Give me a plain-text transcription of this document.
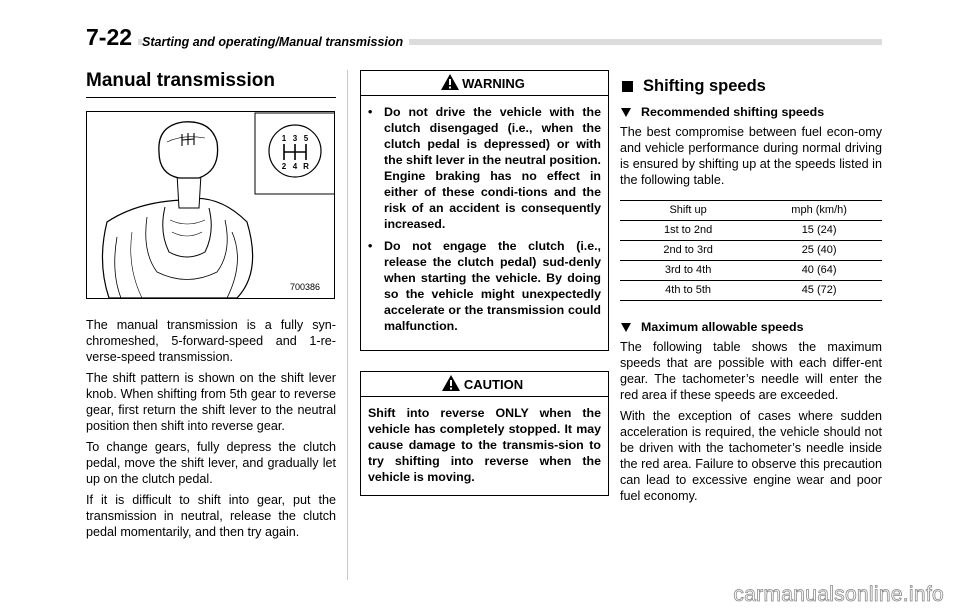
7-22 Starting and operating/Manual transmission
Manual transmission
1 3 5
2 4 R
700386

The manual transmission is a fully syn-chromeshed, 5-forward-speed and 1-re-verse-speed transmission.

The shift pattern is shown on the shift lever knob. When shifting from 5th gear to reverse gear, first return the shift lever to the neutral position then shift into reverse gear.

To change gears, fully depress the clutch pedal, move the shift lever, and gradually let up on the clutch pedal.

If it is difficult to shift into gear, put the transmission in neutral, release the clutch pedal momentarily, and then try again.

WARNING
• Do not drive the vehicle with the clutch disengaged (i.e., when the clutch pedal is depressed) or with the shift lever in the neutral position. Engine braking has no effect in either of these condi-tions and the risk of an accident is consequently increased.
• Do not engage the clutch (i.e., release the clutch pedal) sud-denly when starting the vehicle. By doing so the vehicle might unexpectedly accelerate or the transmission could malfunction.
CAUTION

Shift into reverse ONLY when the vehicle has completely stopped. It may cause damage to the transmis-sion to try shifting into reverse when the vehicle is moving.

Shifting speeds
Recommended shifting speeds

The best compromise between fuel econ-omy and vehicle performance during normal driving is ensured by shifting up at the speeds listed in the following table.

Shift up	mph (km/h)
1st to 2nd	15 (24)
2nd to 3rd	25 (40)
3rd to 4th	40 (64)
4th to 5th	45 (72)
Maximum allowable speeds

The following table shows the maximum speeds that are possible with each differ-ent gear. The tachometer’s needle will enter the red area if these speeds are exceeded.

With the exception of cases where sudden acceleration is required, the vehicle should not be driven with the tachometer’s needle inside the red area. Failure to observe this precaution can lead to excessive engine wear and poor fuel economy.

carmanualsonline.info
